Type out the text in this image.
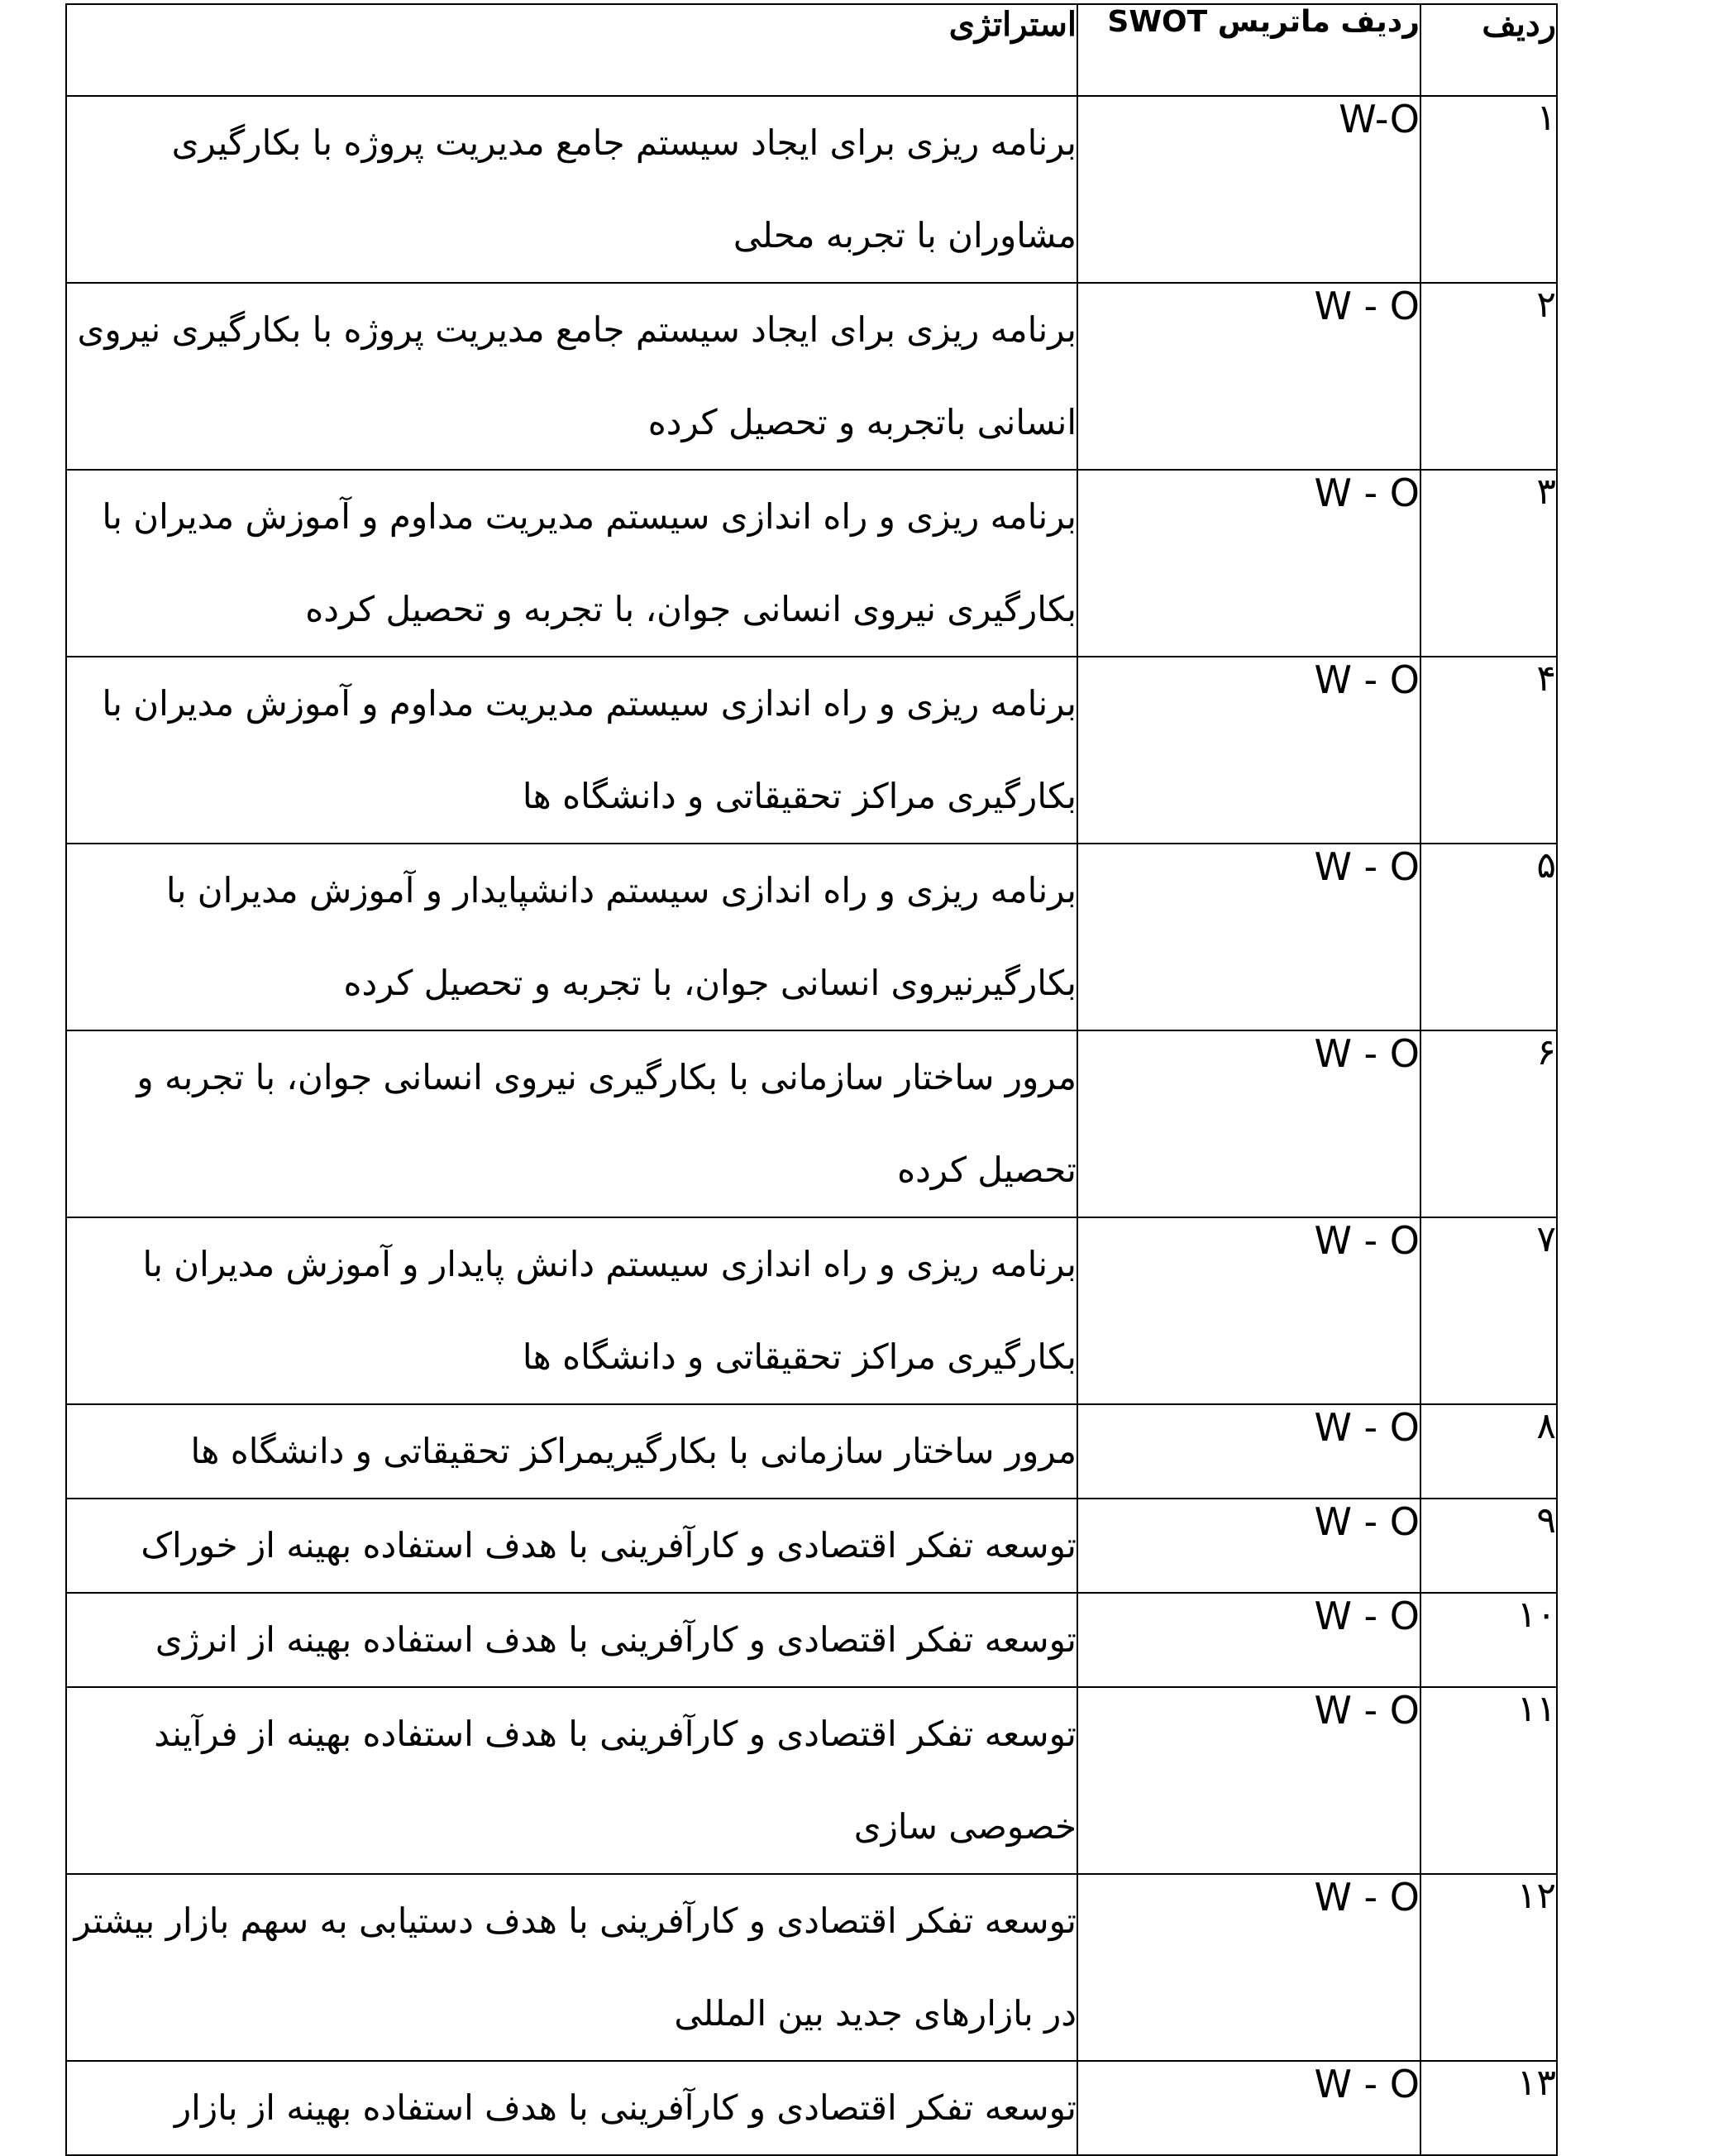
ردیف	ردیف ماتریس SWOT	استراتژی
۱	W-O	برنامه ریزی برای ایجاد سیستم جامع مدیریت پروژه با بکارگیری مشاوران با تجربه محلی
۲	W - O	برنامه ریزی برای ایجاد سیستم جامع مدیریت پروژه با بکارگیری نیروی انسانی باتجربه و تحصیل کرده
۳	W - O	برنامه ریزی و راه اندازی سیستم مدیریت مداوم و آموزش مدیران با بکارگیری نیروی انسانی جوان، با تجربه و تحصیل کرده
۴	W - O	برنامه ریزی و راه اندازی سیستم مدیریت مداوم و آموزش مدیران با بکارگیری مراکز تحقیقاتی و دانشگاه ها
۵	W - O	برنامه ریزی و راه اندازی سیستم دانشپایدار و آموزش مدیران با بکارگیرنیروی انسانی جوان، با تجربه و تحصیل کرده
۶	W - O	مرور ساختار سازمانی با بکارگیری نیروی انسانی جوان، با تجربه و تحصیل کرده
۷	W - O	برنامه ریزی و راه اندازی سیستم دانش پایدار و آموزش مدیران با بکارگیری مراکز تحقیقاتی و دانشگاه ها
۸	W - O	مرور ساختار سازمانی با بکارگیریمراکز تحقیقاتی و دانشگاه ها
۹	W - O	توسعه تفکر اقتصادی و کارآفرینی با هدف استفاده بهینه از خوراک
۱۰	W - O	توسعه تفکر اقتصادی و کارآفرینی با هدف استفاده بهینه از انرژی
۱۱	W - O	توسعه تفکر اقتصادی و کارآفرینی با هدف استفاده بهینه از فرآیند خصوصی سازی
۱۲	W - O	توسعه تفکر اقتصادی و کارآفرینی با هدف دستیابی به سهم بازار بیشتر در بازارهای جدید بین المللی
۱۳	W - O	توسعه تفکر اقتصادی و کارآفرینی با هدف استفاده بهینه از بازار
